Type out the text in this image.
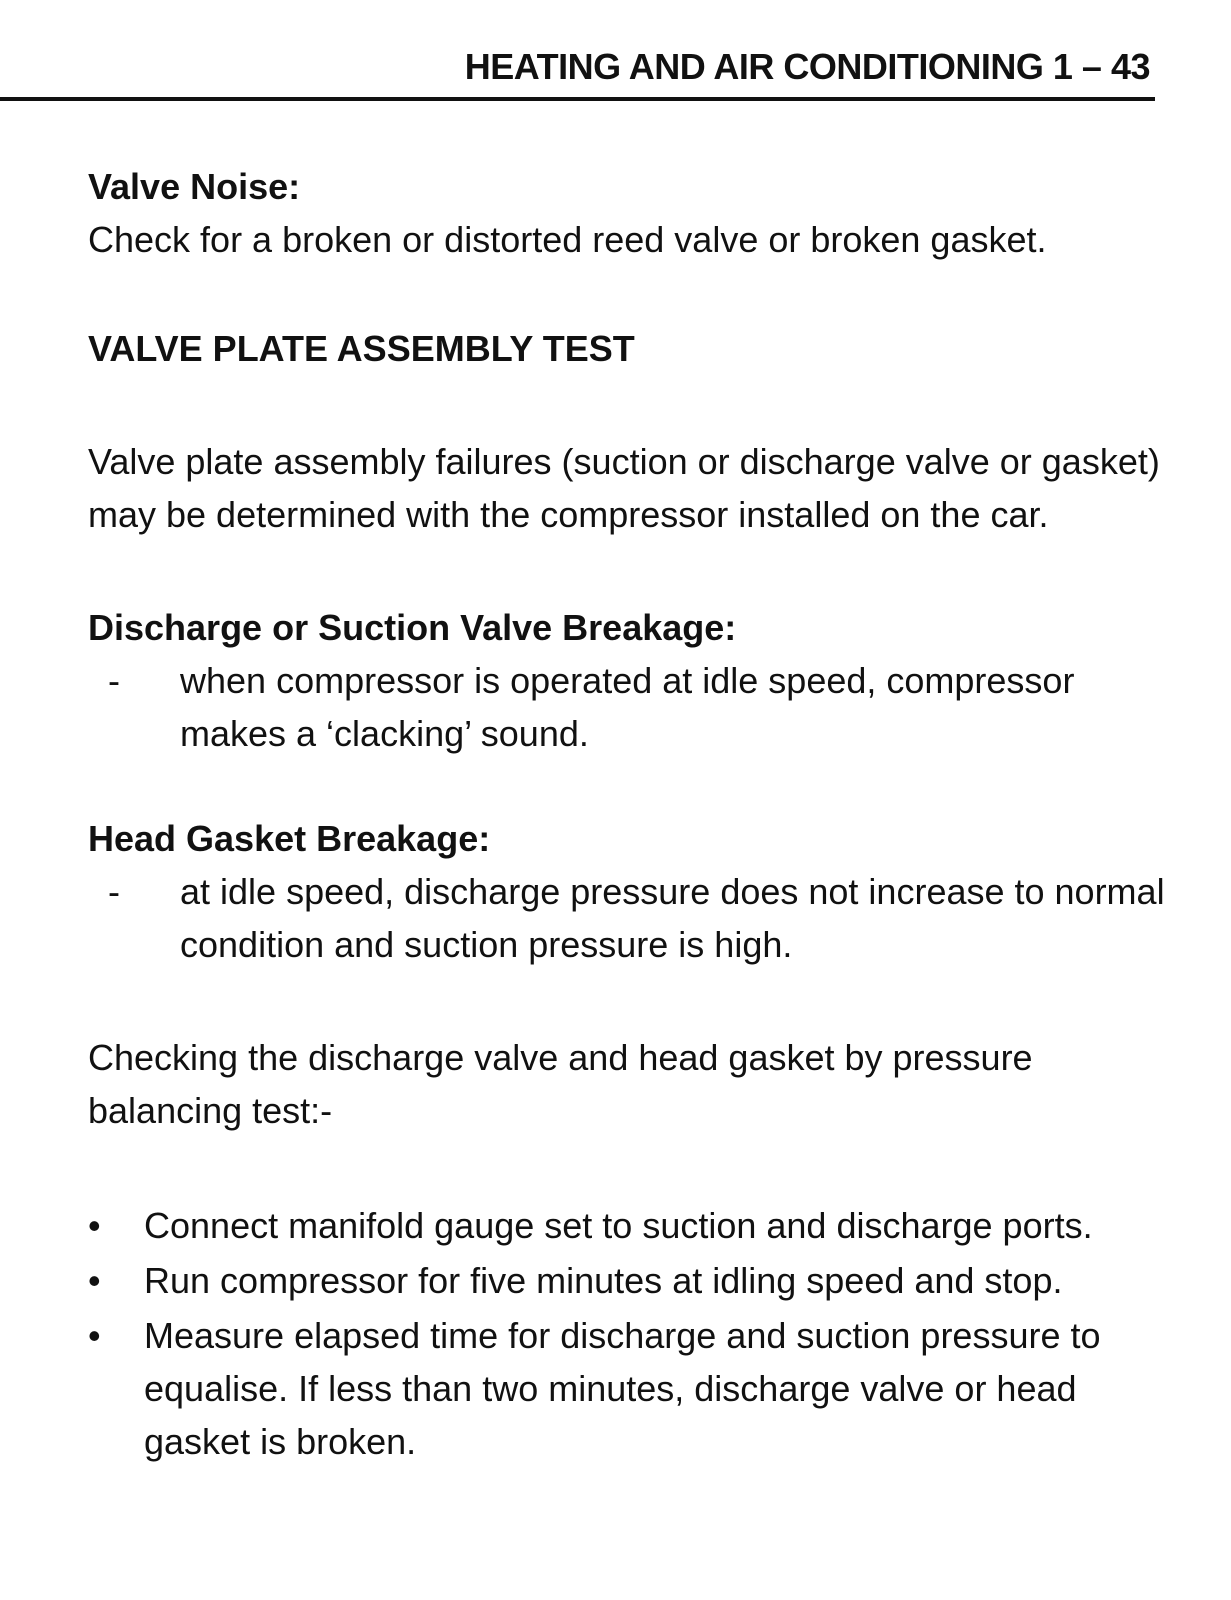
HEATING AND AIR CONDITIONING 1 – 43

Valve Noise:

Check for a broken or distorted reed valve or broken gasket.

VALVE PLATE ASSEMBLY TEST

Valve plate assembly failures (suction or discharge valve or gasket) may be determined with the compressor installed on the car.

Discharge or Suction Valve Breakage:

- when compressor is operated at idle speed, compressor makes a ‘clacking’ sound.

Head Gasket Breakage:

- at idle speed, discharge pressure does not increase to normal condition and suction pressure is high.

Checking the discharge valve and head gasket by pressure balancing test:-

• Connect manifold gauge set to suction and discharge ports.
• Run compressor for five minutes at idling speed and stop.
• Measure elapsed time for discharge and suction pressure to equalise. If less than two minutes, discharge valve or head gasket is broken.
